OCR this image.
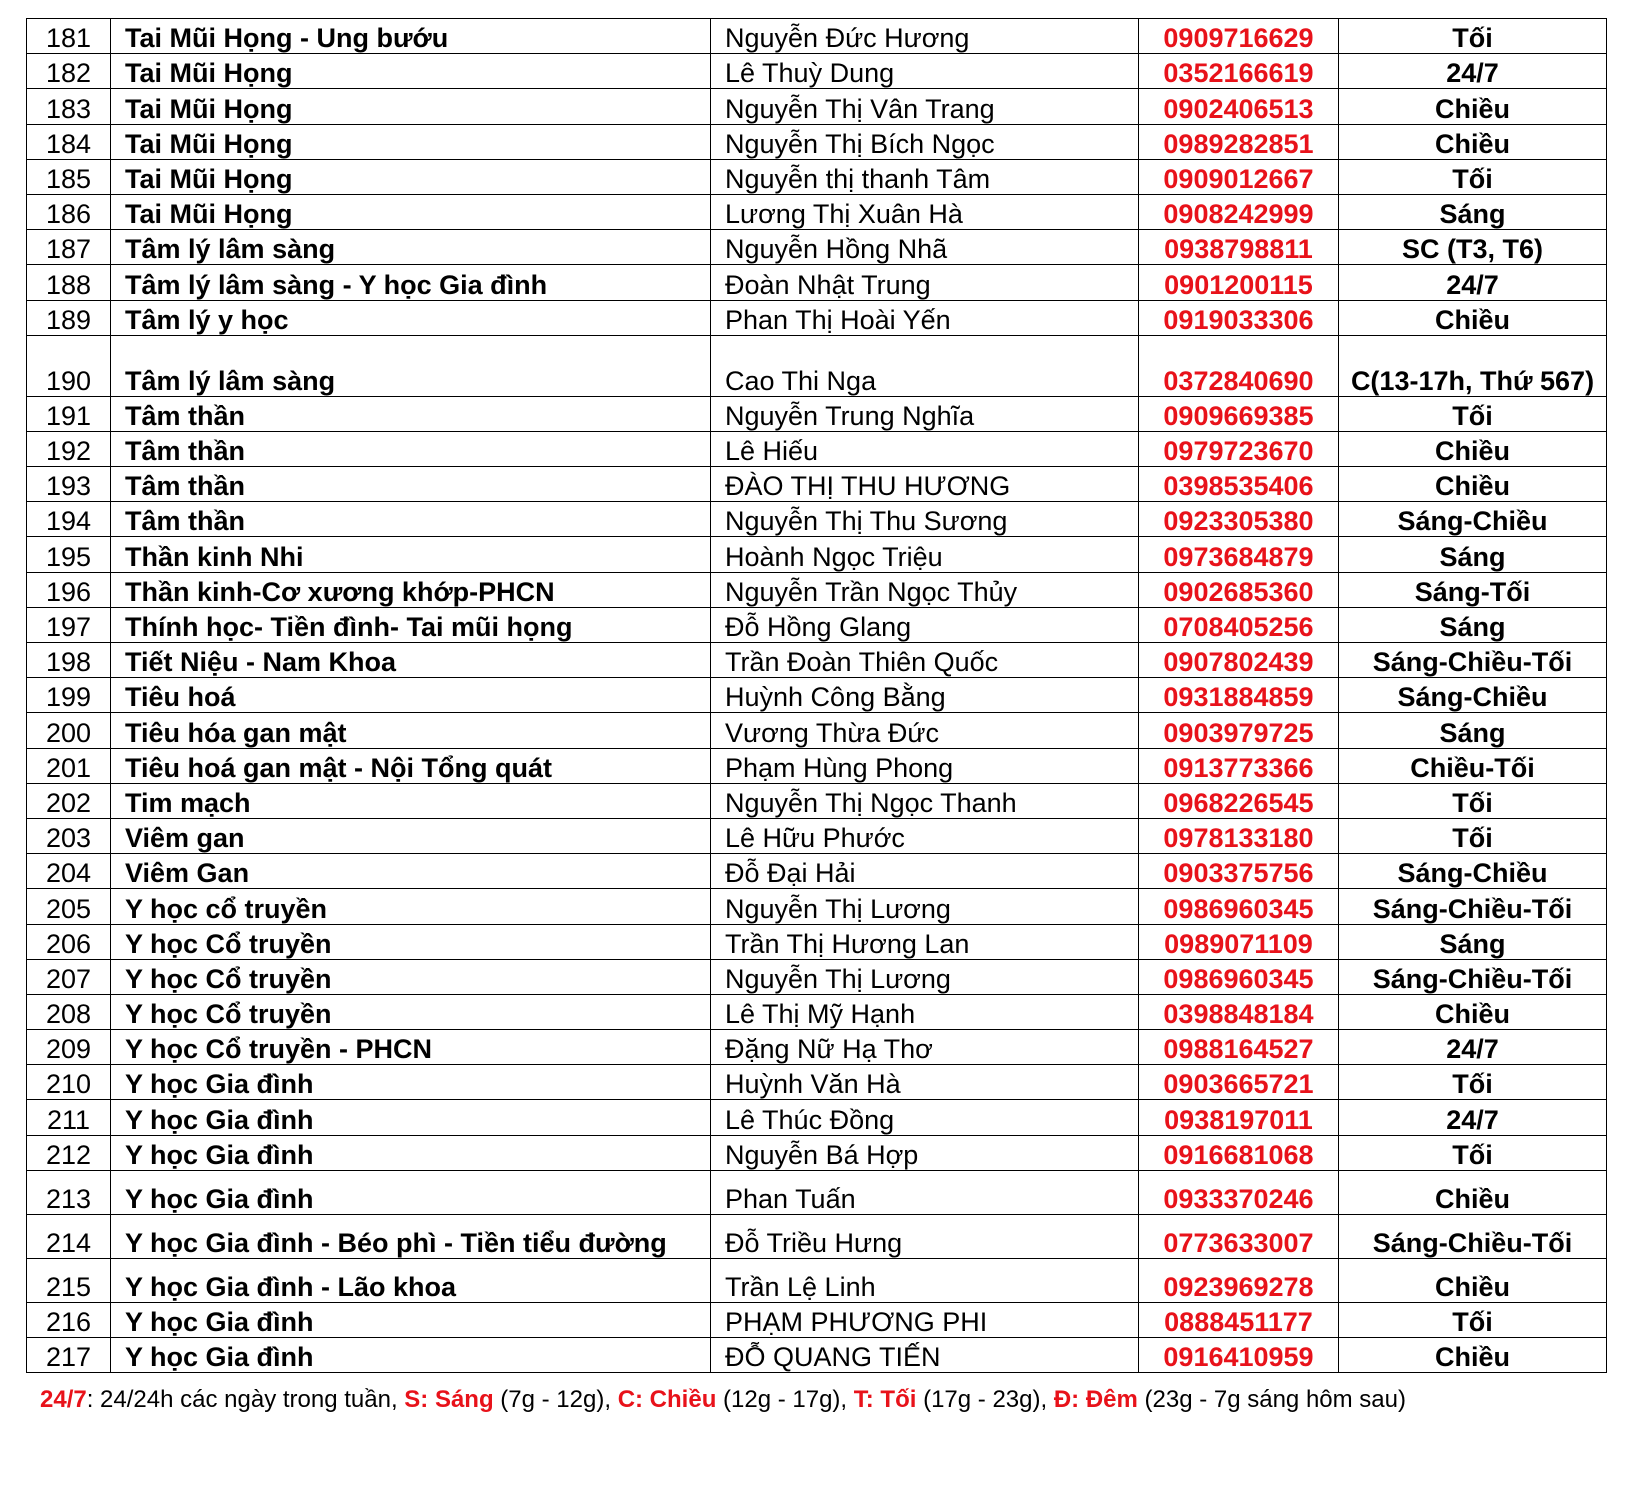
181	Tai Mũi Họng - Ung bướu	Nguyễn Đức Hương	0909716629	Tối
182	Tai Mũi Họng	Lê Thuỳ Dung	0352166619	24/7
183	Tai Mũi Họng	Nguyễn Thị Vân Trang	0902406513	Chiều
184	Tai Mũi Họng	Nguyễn Thị Bích Ngọc	0989282851	Chiều
185	Tai Mũi Họng	Nguyễn thị thanh Tâm	0909012667	Tối
186	Tai Mũi Họng	Lương Thị Xuân Hà	0908242999	Sáng
187	Tâm lý lâm sàng	Nguyễn Hồng Nhã	0938798811	SC (T3, T6)
188	Tâm lý lâm sàng - Y học Gia đình	Đoàn Nhật Trung	0901200115	24/7
189	Tâm lý y học	Phan Thị Hoài Yến	0919033306	Chiều
190	Tâm lý lâm sàng	Cao Thi Nga	0372840690	C(13-17h, Thứ 567)
191	Tâm thần	Nguyễn Trung Nghĩa	0909669385	Tối
192	Tâm thần	Lê Hiếu	0979723670	Chiều
193	Tâm thần	ĐÀO THỊ THU HƯƠNG	0398535406	Chiều
194	Tâm thần	Nguyễn Thị Thu Sương	0923305380	Sáng-Chiều
195	Thần kinh Nhi	Hoành Ngọc Triệu	0973684879	Sáng
196	Thần kinh-Cơ xương khớp-PHCN	Nguyễn Trần Ngọc Thủy	0902685360	Sáng-Tối
197	Thính học- Tiền đình- Tai mũi họng	Đỗ Hồng Glang	0708405256	Sáng
198	Tiết Niệu - Nam Khoa	Trần Đoàn Thiên Quốc	0907802439	Sáng-Chiều-Tối
199	Tiêu hoá	Huỳnh Công Bằng	0931884859	Sáng-Chiều
200	Tiêu hóa gan mật	Vương Thừa Đức	0903979725	Sáng
201	Tiêu hoá gan mật - Nội Tổng quát	Phạm Hùng Phong	0913773366	Chiều-Tối
202	Tim mạch	Nguyễn Thị Ngọc Thanh	0968226545	Tối
203	Viêm gan	Lê Hữu Phước	0978133180	Tối
204	Viêm Gan	Đỗ Đại Hải	0903375756	Sáng-Chiều
205	Y học cổ truyền	Nguyễn Thị Lương	0986960345	Sáng-Chiều-Tối
206	Y học Cổ truyền	Trần Thị Hương Lan	0989071109	Sáng
207	Y học Cổ truyền	Nguyễn Thị Lương	0986960345	Sáng-Chiều-Tối
208	Y học Cổ truyền	Lê Thị Mỹ Hạnh	0398848184	Chiều
209	Y học Cổ truyền - PHCN	Đặng Nữ Hạ Thơ	0988164527	24/7
210	Y học Gia đình	Huỳnh Văn Hà	0903665721	Tối
211	Y học Gia đình	Lê Thúc Đồng	0938197011	24/7
212	Y học Gia đình	Nguyễn Bá Hợp	0916681068	Tối
213	Y học Gia đình	Phan Tuấn	0933370246	Chiều
214	Y học Gia đình - Béo phì - Tiền tiểu đường	Đỗ Triều Hưng	0773633007	Sáng-Chiều-Tối
215	Y học Gia đình - Lão khoa	Trần Lệ Linh	0923969278	Chiều
216	Y học Gia đình	PHẠM PHƯƠNG PHI	0888451177	Tối
217	Y học Gia đình	ĐỖ QUANG TIẾN	0916410959	Chiều
24/7: 24/24h các ngày trong tuần, S: Sáng (7g - 12g), C: Chiều (12g - 17g), T: Tối (17g - 23g), Đ: Đêm (23g - 7g sáng hôm sau)
